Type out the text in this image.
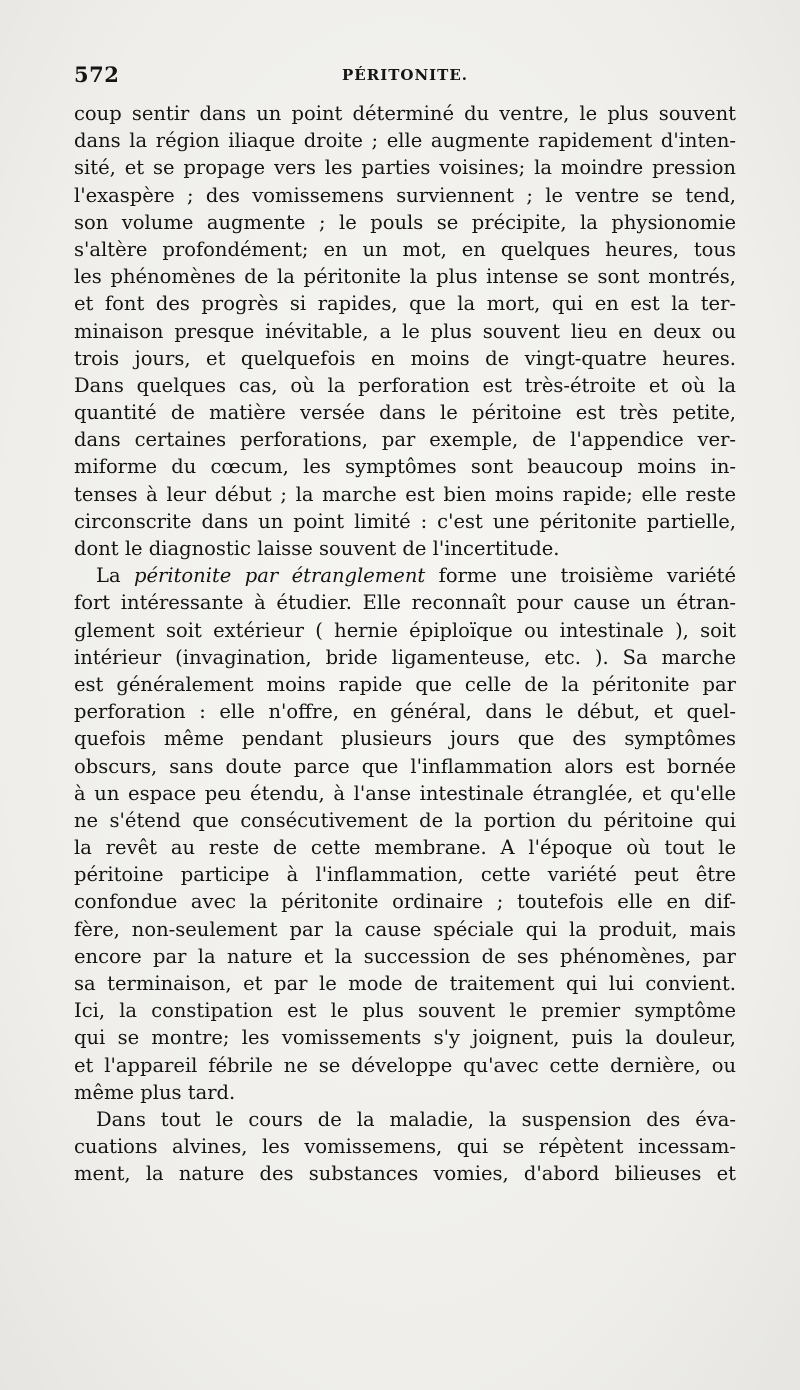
572	PÉRITONITE.
coup sentir dans un point déterminé du ventre, le plus souvent
dans la région iliaque droite ; elle augmente rapidement d'inten-
sité, et se propage vers les parties voisines; la moindre pression
l'exaspère ; des vomissemens surviennent ; le ventre se tend,
son volume augmente ; le pouls se précipite, la physionomie
s'altère profondément; en un mot, en quelques heures, tous
les phénomènes de la péritonite la plus intense se sont montrés,
et font des progrès si rapides, que la mort, qui en est la ter-
minaison presque inévitable, a le plus souvent lieu en deux ou
trois jours, et quelquefois en moins de vingt-quatre heures.
Dans quelques cas, où la perforation est très-étroite et où la
quantité de matière versée dans le péritoine est très petite,
dans certaines perforations, par exemple, de l'appendice ver-
miforme du cœcum, les symptômes sont beaucoup moins in-
tenses à leur début ; la marche est bien moins rapide; elle reste
circonscrite dans un point limité : c'est une péritonite partielle,
dont le diagnostic laisse souvent de l'incertitude.
La péritonite par étranglement forme une troisième variété
fort intéressante à étudier. Elle reconnaît pour cause un étran-
glement soit extérieur ( hernie épiploïque ou intestinale ), soit
intérieur (invagination, bride ligamenteuse, etc. ). Sa marche
est généralement moins rapide que celle de la péritonite par
perforation : elle n'offre, en général, dans le début, et quel-
quefois même pendant plusieurs jours que des symptômes
obscurs, sans doute parce que l'inflammation alors est bornée
à un espace peu étendu, à l'anse intestinale étranglée, et qu'elle
ne s'étend que consécutivement de la portion du péritoine qui
la revêt au reste de cette membrane. A l'époque où tout le
péritoine participe à l'inflammation, cette variété peut être
confondue avec la péritonite ordinaire ; toutefois elle en dif-
fère, non-seulement par la cause spéciale qui la produit, mais
encore par la nature et la succession de ses phénomènes, par
sa terminaison, et par le mode de traitement qui lui convient.
Ici, la constipation est le plus souvent le premier symptôme
qui se montre; les vomissements s'y joignent, puis la douleur,
et l'appareil fébrile ne se développe qu'avec cette dernière, ou
même plus tard.
Dans tout le cours de la maladie, la suspension des éva-
cuations alvines, les vomissemens, qui se répètent incessam-
ment, la nature des substances vomies, d'abord bilieuses et
